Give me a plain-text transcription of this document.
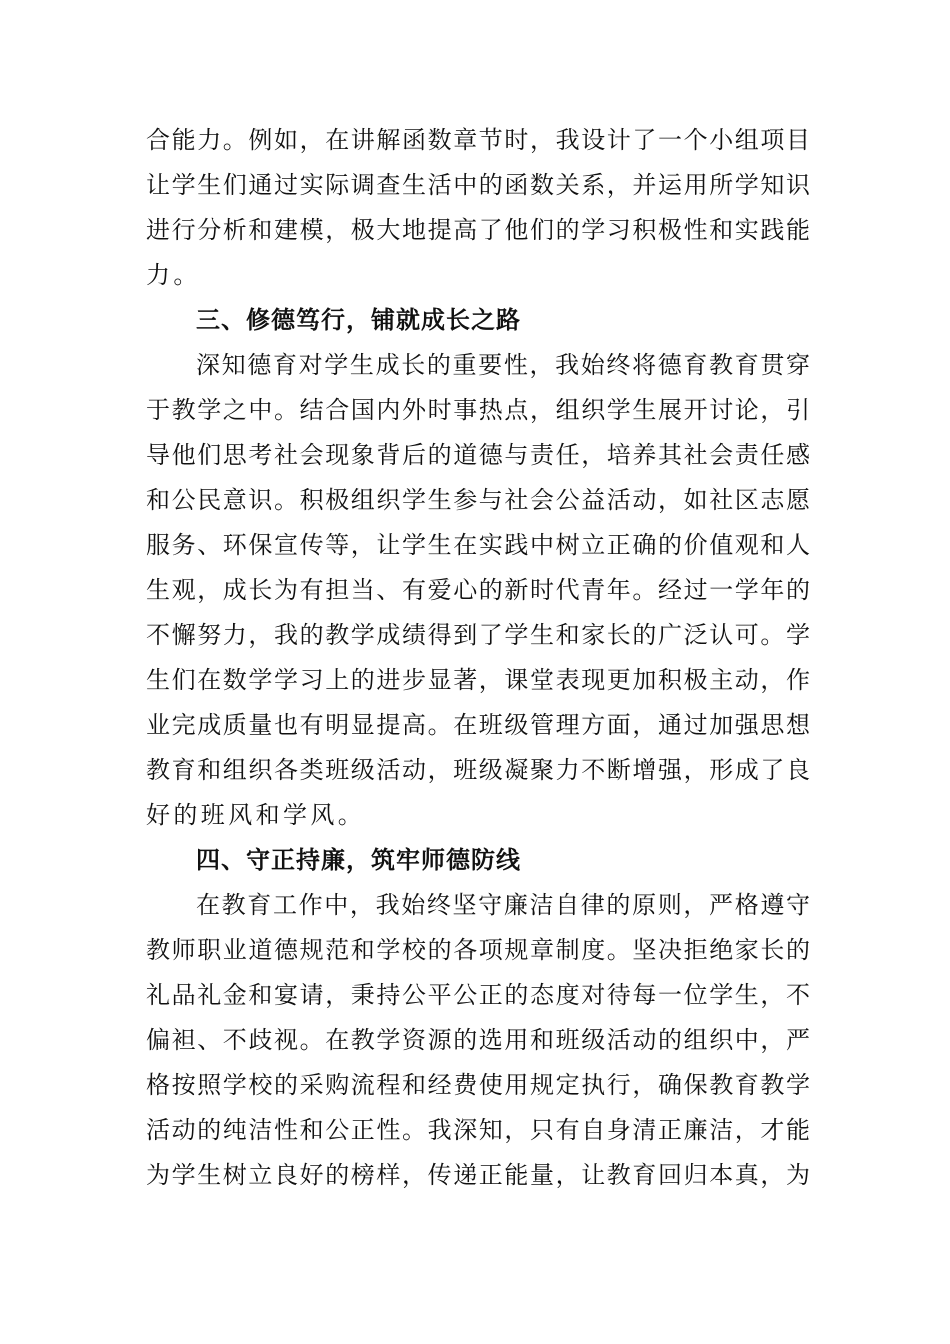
合能力。例如，在讲解函数章节时，我设计了一个小组项目
让学生们通过实际调查生活中的函数关系，并运用所学知识
进行分析和建模，极大地提高了他们的学习积极性和实践能
力。
三、修德笃行，铺就成长之路
深知德育对学生成长的重要性，我始终将德育教育贯穿
于教学之中。结合国内外时事热点，组织学生展开讨论，引
导他们思考社会现象背后的道德与责任，培养其社会责任感
和公民意识。积极组织学生参与社会公益活动，如社区志愿
服务、环保宣传等，让学生在实践中树立正确的价值观和人
生观，成长为有担当、有爱心的新时代青年。经过一学年的
不懈努力，我的教学成绩得到了学生和家长的广泛认可。学
生们在数学学习上的进步显著，课堂表现更加积极主动，作
业完成质量也有明显提高。在班级管理方面，通过加强思想
教育和组织各类班级活动，班级凝聚力不断增强，形成了良
好的班风和学风。
四、守正持廉，筑牢师德防线
在教育工作中，我始终坚守廉洁自律的原则，严格遵守
教师职业道德规范和学校的各项规章制度。坚决拒绝家长的
礼品礼金和宴请，秉持公平公正的态度对待每一位学生，不
偏袒、不歧视。在教学资源的选用和班级活动的组织中，严
格按照学校的采购流程和经费使用规定执行，确保教育教学
活动的纯洁性和公正性。我深知，只有自身清正廉洁，才能
为学生树立良好的榜样，传递正能量，让教育回归本真，为
